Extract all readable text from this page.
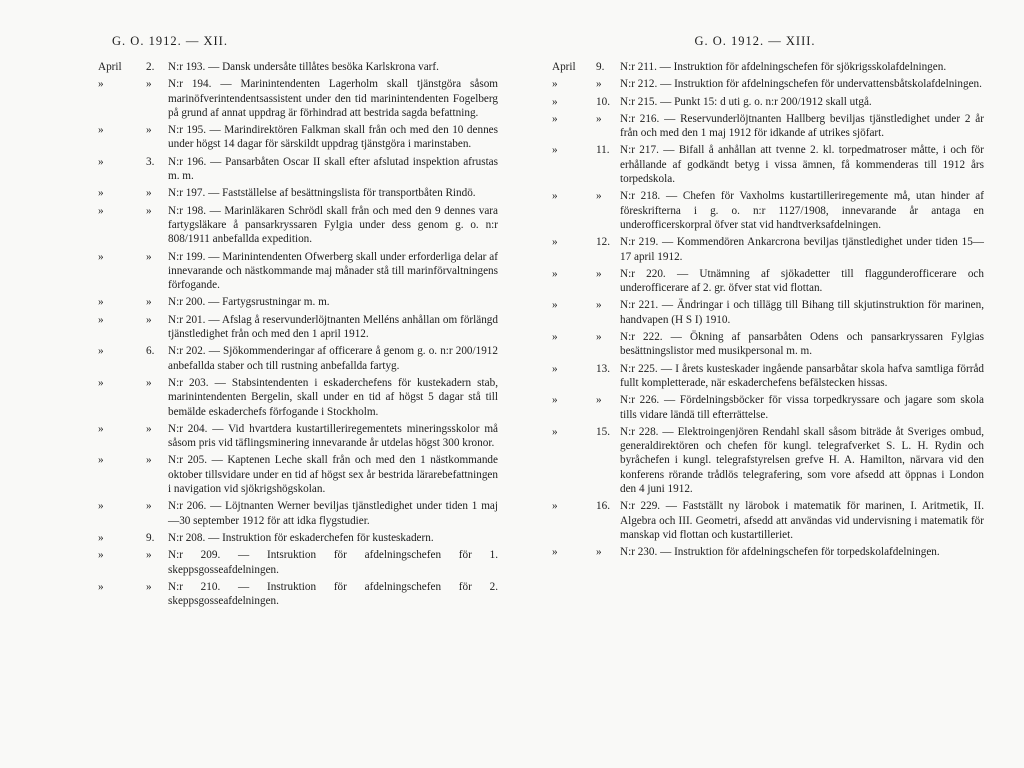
G. O. 1912. — XII.
April 2. N:r 193. — Dansk undersåte tillåtes besöka Karlskrona varf.
»	» N:r 194. — Marinintendenten Lagerholm skall tjänstgöra såsom marinöfverintendentsassistent under den tid marinintendenten Fogelberg på grund af annat uppdrag är förhindrad att bestrida sagda befattning.
»	» N:r 195. — Marindirektören Falkman skall från och med den 10 dennes under högst 14 dagar för särskildt uppdrag tjänstgöra i marinstaben.
»	3. N:r 196. — Pansarbåten Oscar II skall efter afslutad inspektion afrustas m. m.
»	» N:r 197. — Fastställelse af besättningslista för transportbåten Rindö.
»	» N:r 198. — Marinläkaren Schrödl skall från och med den 9 dennes vara fartygsläkare å pansarkryssaren Fylgia under dess genom g. o. n:r 808/1911 anbefallda expedition.
»	» N:r 199. — Marinintendenten Ofwerberg skall under erforderliga delar af innevarande och nästkommande maj månader stå till marinförvaltningens förfogande.
»	» N:r 200. — Fartygsrustningar m. m.
»	» N:r 201. — Afslag å reservunderlöjtnanten Melléns anhållan om förlängd tjänstledighet från och med den 1 april 1912.
»	6. N:r 202. — Sjökommenderingar af officerare å genom g. o. n:r 200/1912 anbefallda staber och till rustning anbefallda fartyg.
»	» N:r 203. — Stabsintendenten i eskaderchefens för kustekadern stab, marinintendenten Bergelin, skall under en tid af högst 5 dagar stå till bemälde eskaderchefs förfogande i Stockholm.
»	» N:r 204. — Vid hvartdera kustartilleriregementets mineringsskolor må såsom pris vid täflingsminering innevarande år utdelas högst 300 kronor.
»	» N:r 205. — Kaptenen Leche skall från och med den 1 nästkommande oktober tillsvidare under en tid af högst sex år bestrida lärarebefattningen i navigation vid sjökrigshögskolan.
»	» N:r 206. — Löjtnanten Werner beviljas tjänstledighet under tiden 1 maj—30 september 1912 för att idka flygstudier.
»	9. N:r 208. — Instruktion för eskaderchefen för kusteskadern.
»	» N:r 209. — Intsruktion för afdelningschefen för 1. skeppsgosseafdelningen.
»	» N:r 210. — Instruktion för afdelningschefen för 2. skeppsgosseafdelningen.
G. O. 1912. — XIII.
April 9. N:r 211. — Instruktion för afdelningschefen för sjökrigsskolafdelningen.
»	» N:r 212. — Instruktion för afdelningschefen för undervattensbåtskolafdelningen.
»	10. N:r 215. — Punkt 15: d uti g. o. n:r 200/1912 skall utgå.
»	» N:r 216. — Reservunderlöjtnanten Hallberg beviljas tjänstledighet under 2 år från och med den 1 maj 1912 för idkande af utrikes sjöfart.
»	11. N:r 217. — Bifall å anhållan att tvenne 2. kl. torpedmatroser måtte, i och för erhållande af godkändt betyg i vissa ämnen, få kommenderas till 1912 års torpedskola.
»	» N:r 218. — Chefen för Vaxholms kustartilleriregemente må, utan hinder af föreskrifterna i g. o. n:r 1127/1908, innevarande år antaga en underofficerskorpral öfver stat vid handtverksafdelningen.
»	12. N:r 219. — Kommendören Ankarcrona beviljas tjänstledighet under tiden 15—17 april 1912.
»	» N:r 220. — Utnämning af sjökadetter till flaggunderofficerare och underofficerare af 2. gr. öfver stat vid flottan.
»	» N:r 221. — Ändringar i och tillägg till Bihang till skjutinstruktion för marinen, handvapen (H S I) 1910.
»	» N:r 222. — Ökning af pansarbåten Odens och pansarkryssaren Fylgias besättningslistor med musikpersonal m. m.
»	13. N:r 225. — I årets kusteskader ingående pansarbåtar skola hafva samtliga förråd fullt kompletterade, när eskaderchefens befälstecken hissas.
»	» N:r 226. — Fördelningsböcker för vissa torpedkryssare och jagare som skola tills vidare ländä till efterrättelse.
»	15. N:r 228. — Elektroingenjören Rendahl skall såsom biträde åt Sveriges ombud, generaldirektören och chefen för kungl. telegrafverket S. L. H. Rydin och byråchefen i kungl. telegrafstyrelsen grefve H. A. Hamilton, närvara vid den konferens rörande trådlös telegrafering, som vore afsedd att öppnas i London den 4 juni 1912.
»	16. N:r 229. — Fastställt ny lärobok i matematik för marinen, I. Aritmetik, II. Algebra och III. Geometri, afsedd att användas vid undervisning i matematik för manskap vid flottan och kustartilleriet.
»	» N:r 230. — Instruktion för afdelningschefen för torpedskolafdelningen.
